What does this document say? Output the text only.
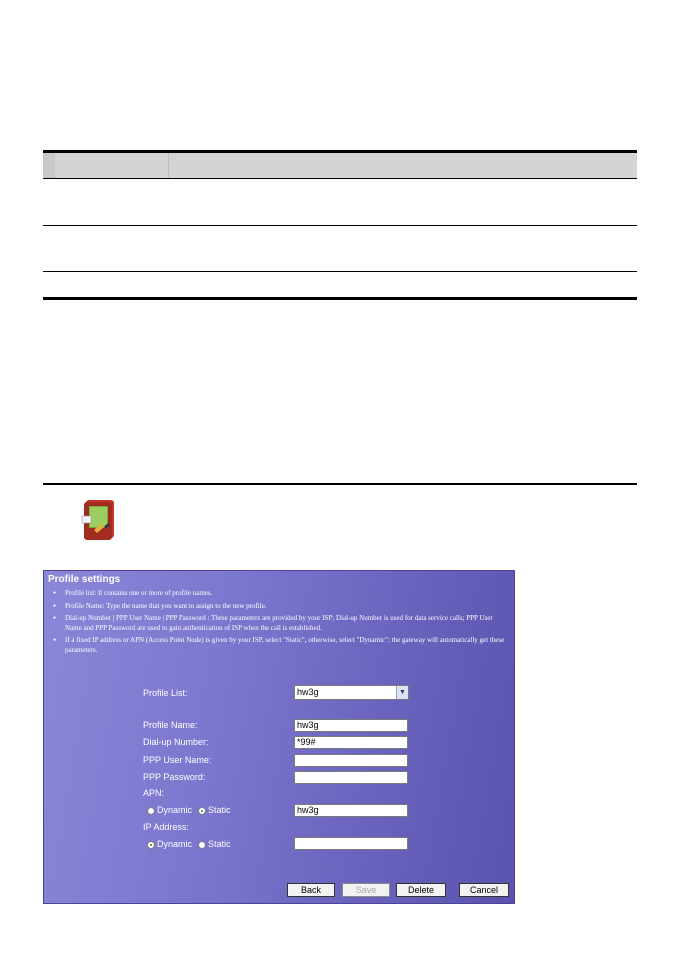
Profile settings
● Profile list: It contains one or more of profile names.
● Profile Name: Type the name that you want to assign to the new profile.
● Dial-up Number | PPP User Name | PPP Password : These parameters are provided by your ISP; Dial-up Number is used for data service calls; PPP User Name and PPP Password are used to gain authentication of ISP when the call is established.
● If a fixed IP address or APN (Access Point Node) is given by your ISP, select "Static", otherwise, select "Dynamic"; the gateway will automatically get these parameters.
Profile List:	hw3g	▼
Profile Name:	hw3g
Dial-up Number:	*99#
PPP User Name:
PPP Password:
APN:
Dynamic Static	hw3g
IP Address:
Dynamic Static
Back	Save	Delete	Cancel
